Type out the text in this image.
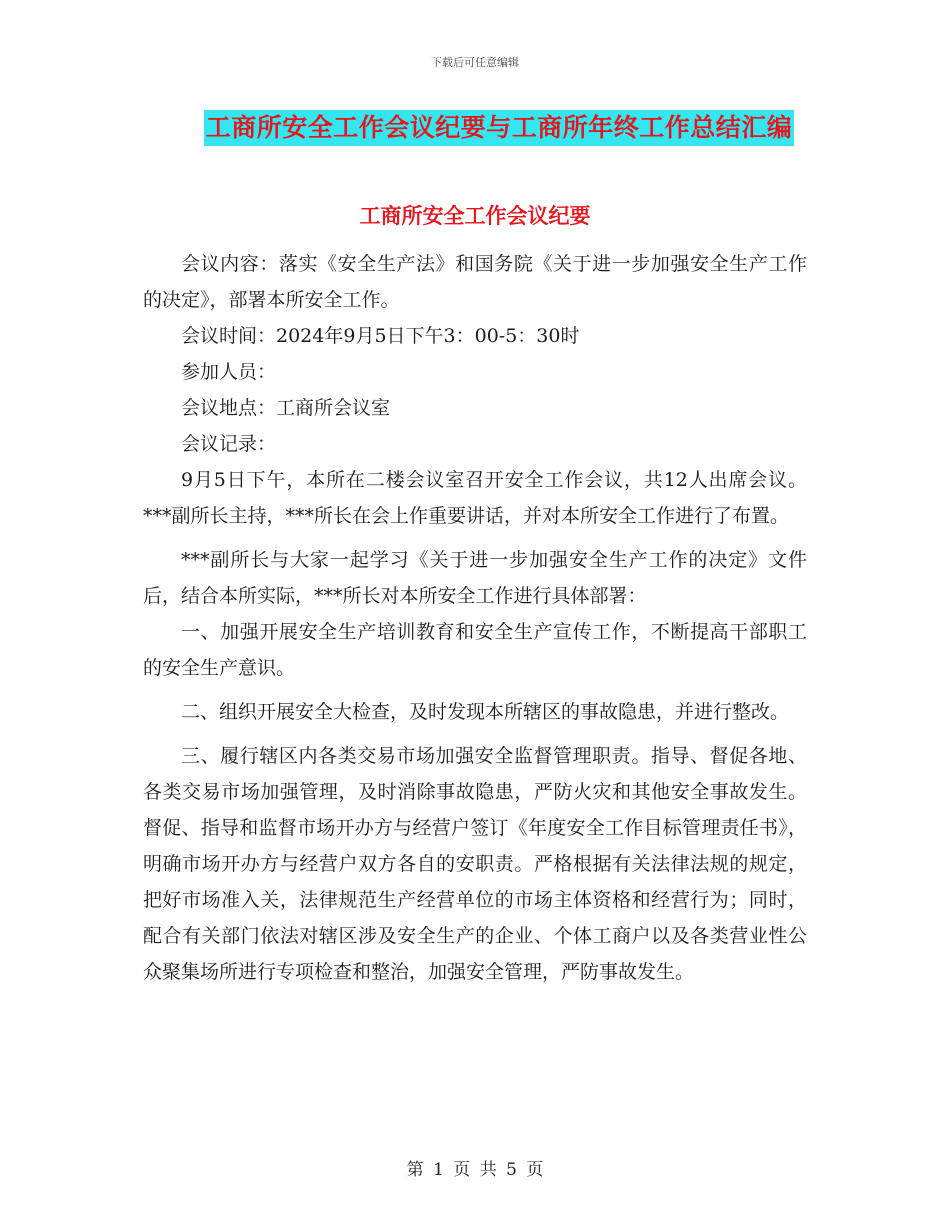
下载后可任意编辑
工商所安全工作会议纪要与工商所年终工作总结汇编
工商所安全工作会议纪要

会议内容：落实《安全生产法》和国务院《关于进一步加强安全生产工作的决定》，部署本所安全工作。

会议时间：2024年9月5日下午3：00-5：30时

参加人员：

会议地点：工商所会议室

会议记录：

9月5日下午，本所在二楼会议室召开安全工作会议，共12人出席会议。***副所长主持，***所长在会上作重要讲话，并对本所安全工作进行了布置。

***副所长与大家一起学习《关于进一步加强安全生产工作的决定》文件后，结合本所实际，***所长对本所安全工作进行具体部署：

一、加强开展安全生产培训教育和安全生产宣传工作，不断提高干部职工的安全生产意识。

二、组织开展安全大检查，及时发现本所辖区的事故隐患，并进行整改。

三、履行辖区内各类交易市场加强安全监督管理职责。指导、督促各地、各类交易市场加强管理，及时消除事故隐患，严防火灾和其他安全事故发生。督促、指导和监督市场开办方与经营户签订《年度安全工作目标管理责任书》，明确市场开办方与经营户双方各自的安职责。严格根据有关法律法规的规定，把好市场准入关，法律规范生产经营单位的市场主体资格和经营行为；同时，配合有关部门依法对辖区涉及安全生产的企业、个体工商户以及各类营业性公众聚集场所进行专项检查和整治，加强安全管理，严防事故发生。

第 1 页 共 5 页
